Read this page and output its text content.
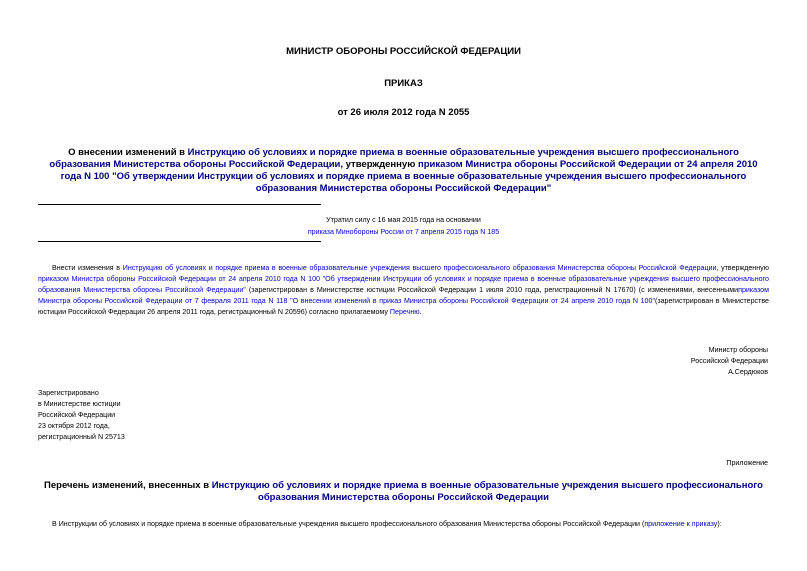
МИНИСТР ОБОРОНЫ РОССИЙСКОЙ ФЕДЕРАЦИИ
ПРИКАЗ
от 26 июля 2012 года N 2055
О внесении изменений в Инструкцию об условиях и порядке приема в военные образовательные учреждения высшего профессионального образования Министерства обороны Российской Федерации, утвержденную приказом Министра обороны Российской Федерации от 24 апреля 2010 года N 100 "Об утверждении Инструкции об условиях и порядке приема в военные образовательные учреждения высшего профессионального образования Министерства обороны Российской Федерации"
Утратил силу с 16 мая 2015 года на основании
приказа Минобороны России от 7 апреля 2015 года N 185
Внести изменения в Инструкцию об условиях и порядке приема в военные образовательные учреждения высшего профессионального образования Министерства обороны Российской Федерации, утвержденную приказом Министра обороны Российской Федерации от 24 апреля 2010 года N 100 "Об утверждении Инструкции об условиях и порядке приема в военные образовательные учреждения высшего профессионального образования Министерства обороны Российской Федерации" (зарегистрирован в Министерстве юстиции Российской Федерации 1 июля 2010 года, регистрационный N 17670) (с изменениями, внесеннымиприказом Министра обороны Российской Федерации от 7 февраля 2011 года N 118 "О внесении изменений в приказ Министра обороны Российской Федерации от 24 апреля 2010 года N 100"(зарегистрирован в Министерстве юстиции Российской Федерации 26 апреля 2011 года, регистрационный N 20596) согласно прилагаемому Перечню.
Министр обороны
Российской Федерации
А.Сердюков
Зарегистрировано
в Министерстве юстиции
Российской Федерации
23 октября 2012 года,
регистрационный N 25713
Приложение
Перечень изменений, внесенных в Инструкцию об условиях и порядке приема в военные образовательные учреждения высшего профессионального образования Министерства обороны Российской Федерации
В Инструкции об условиях и порядке приема в военные образовательные учреждения высшего профессионального образования Министерства обороны Российской Федерации (приложение к приказу):
